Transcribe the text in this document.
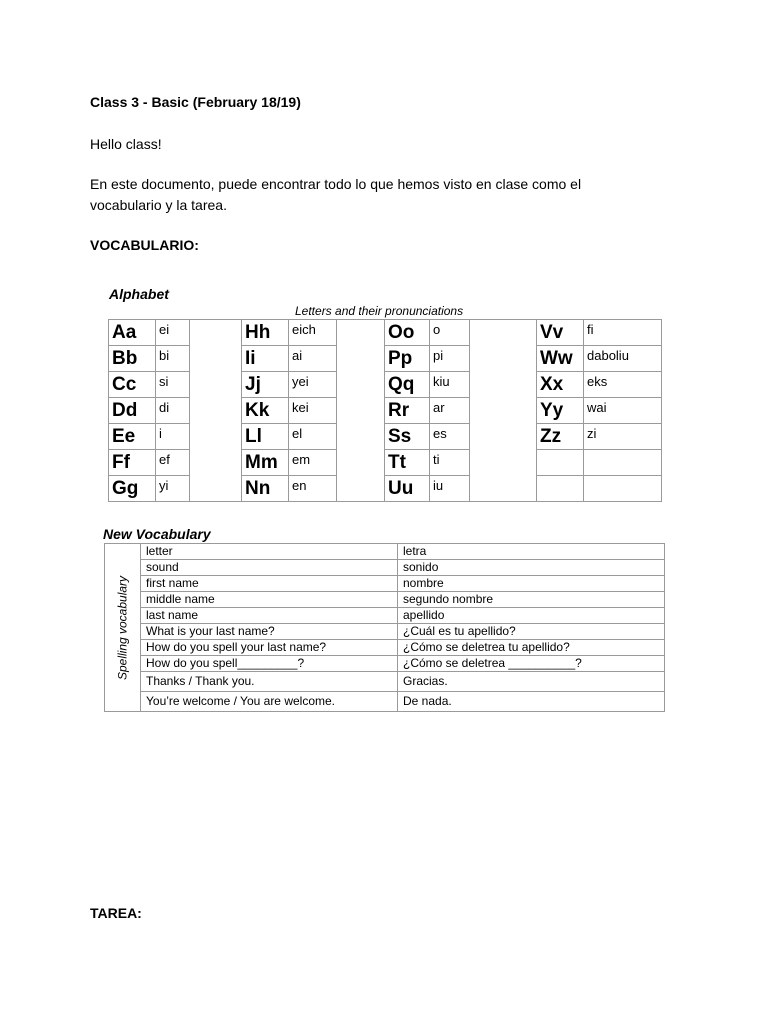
Class 3 - Basic (February 18/19)
Hello class!
En este documento, puede encontrar todo lo que hemos visto en clase como el vocabulario y la tarea.
VOCABULARIO:
Alphabet
Letters and their pronunciations
Aa	ei		Hh	eich		Oo	o		Vv	fi
Bb	bi		Ii	ai		Pp	pi		Ww	daboliu
Cc	si		Jj	yei		Qq	kiu		Xx	eks
Dd	di		Kk	kei		Rr	ar		Yy	wai
Ee	i		Ll	el		Ss	es		Zz	zi
Ff	ef		Mm	em		Tt	ti			
Gg	yi		Nn	en		Uu	iu			
New Vocabulary
Spelling vocabulary	letter	letra
	sound	sonido
	first name	nombre
	middle name	segundo nombre
	last name	apellido
	What is your last name?	¿Cuál es tu apellido?
	How do you spell your last name?	¿Cómo se deletrea tu apellido?
	How do you spell_________?	¿Cómo se deletrea __________?
	Thanks / Thank you.	Gracias.
	You’re welcome / You are welcome.	De nada.
TAREA:
